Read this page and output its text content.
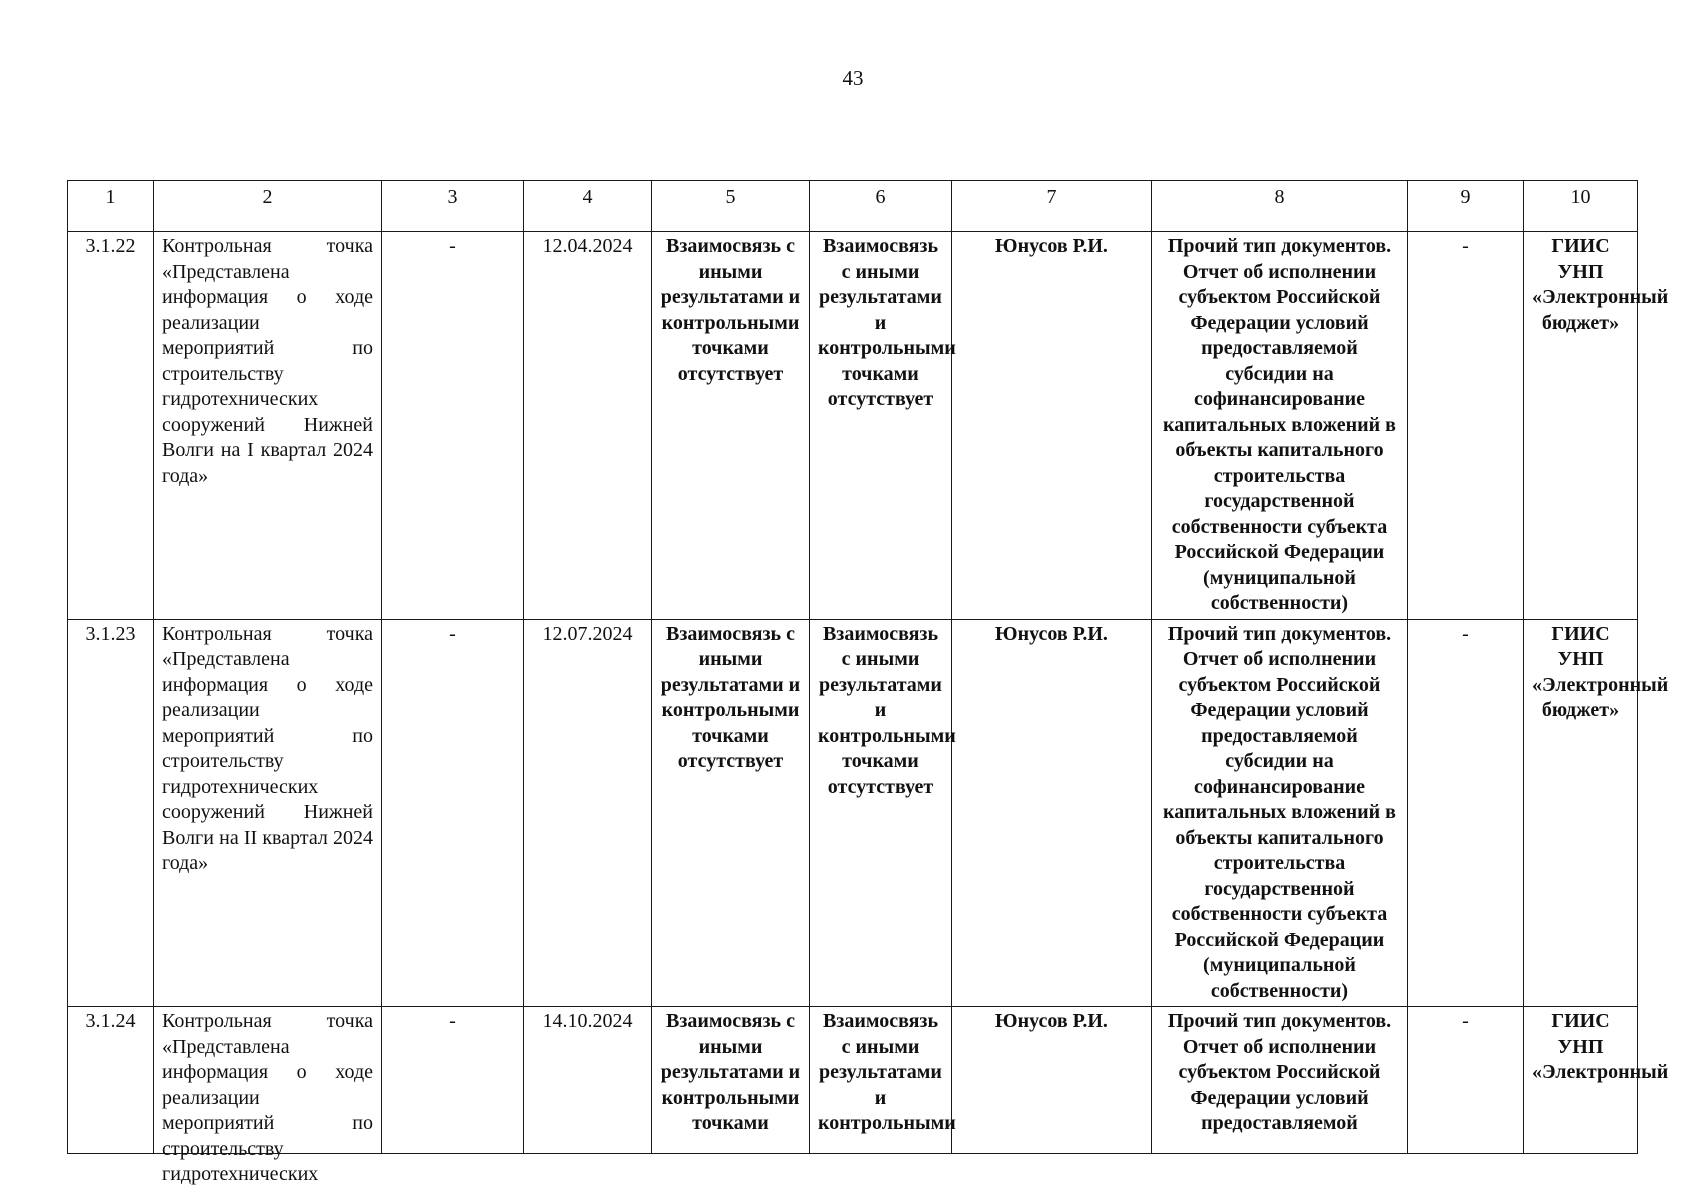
43
1	2	3	4	5	6	7	8	9	10
3.1.22	Контрольная точка «Представлена информация о ходе реализации мероприятий по строительству гидротехнических сооружений Нижней Волги на I квартал 2024 года»	-	12.04.2024	Взаимосвязь с иными результатами и контрольными точками отсутствует	Взаимосвязь с иными результатами и контрольными точками отсутствует	Юнусов Р.И.	Прочий тип документов. Отчет об исполнении субъектом Российской Федерации условий предоставляемой субсидии на софинансирование капитальных вложений в объекты капитального строительства государственной собственности субъекта Российской Федерации (муниципальной собственности)	-	ГИИС УНП «Электронный бюджет»
3.1.23	Контрольная точка «Представлена информация о ходе реализации мероприятий по строительству гидротехнических сооружений Нижней Волги на II квартал 2024 года»	-	12.07.2024	Взаимосвязь с иными результатами и контрольными точками отсутствует	Взаимосвязь с иными результатами и контрольными точками отсутствует	Юнусов Р.И.	Прочий тип документов. Отчет об исполнении субъектом Российской Федерации условий предоставляемой субсидии на софинансирование капитальных вложений в объекты капитального строительства государственной собственности субъекта Российской Федерации (муниципальной собственности)	-	ГИИС УНП «Электронный бюджет»

3.1.24	Контрольная точка «Представлена информация о ходе реализации мероприятий по строительству гидротехнических	-	14.10.2024	Взаимосвязь с иными результатами и контрольными точками	Взаимосвязь с иными результатами и контрольными	Юнусов Р.И.	Прочий тип документов. Отчет об исполнении субъектом Российской Федерации условий предоставляемой	-	ГИИС УНП «Электронный
